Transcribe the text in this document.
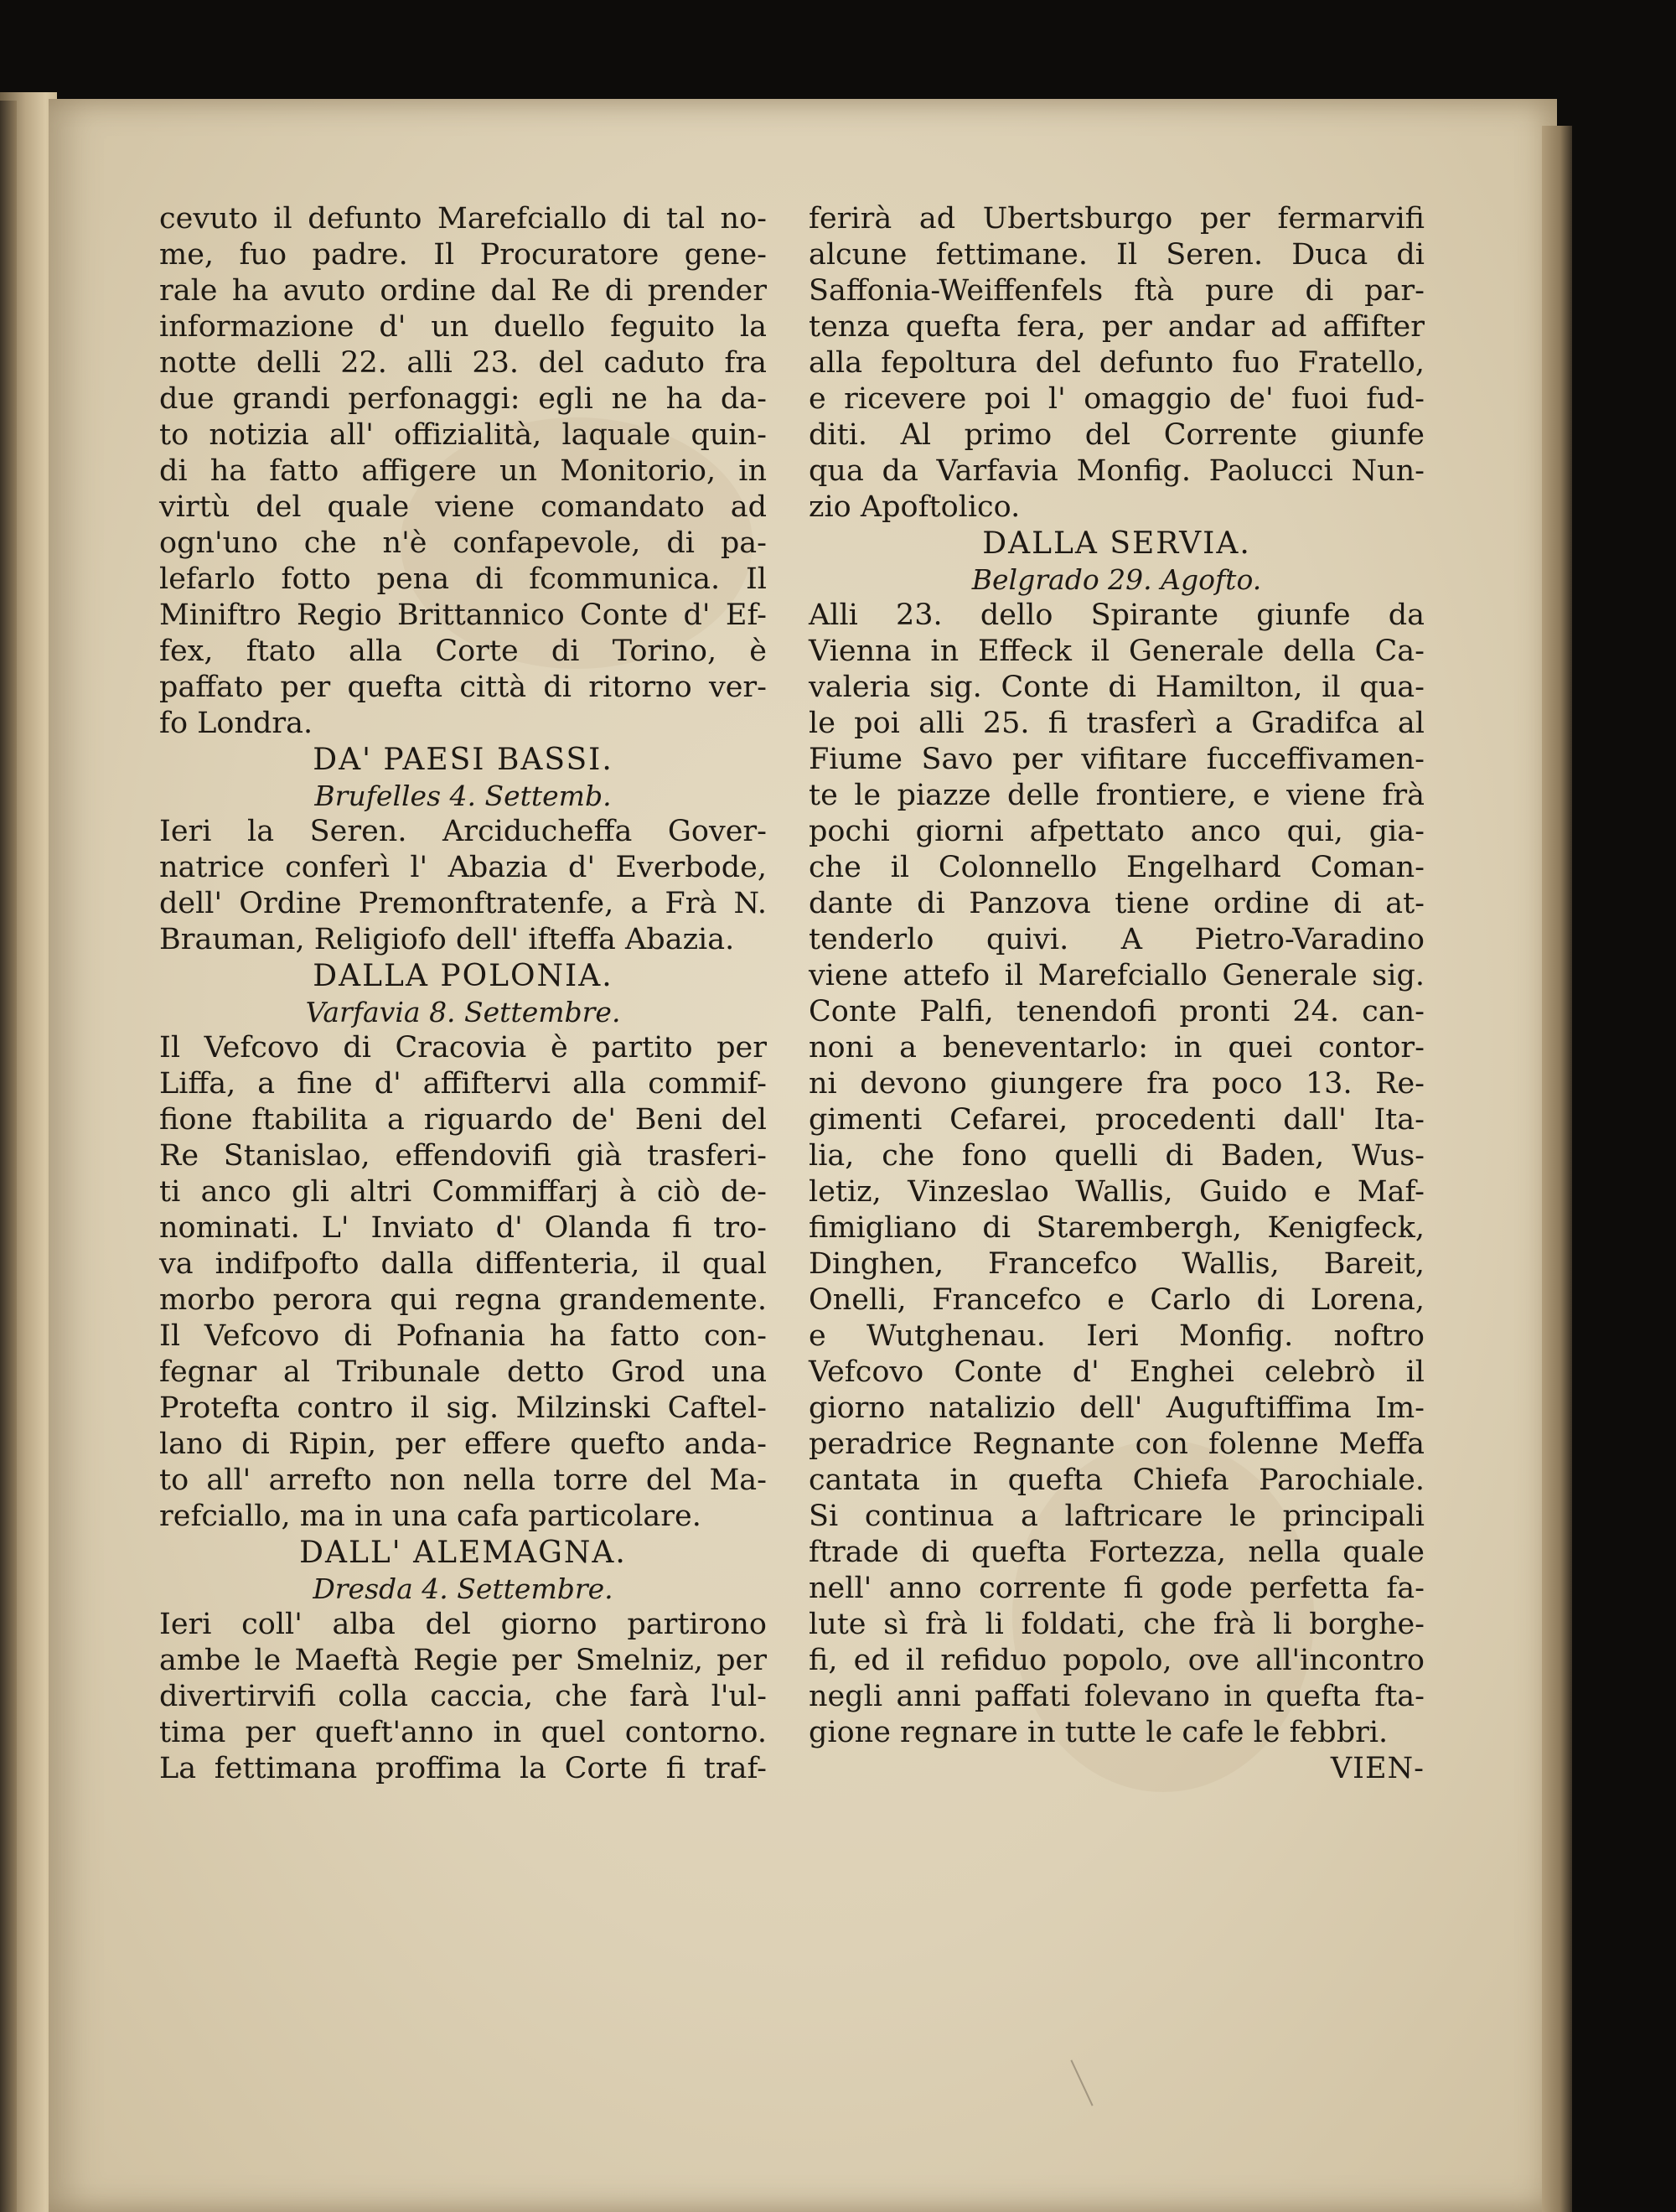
cevuto il defunto Marefciallo di tal no-
me, fuo padre. Il Procuratore gene-
rale ha avuto ordine dal Re di prender
informazione d' un duello feguito la
notte delli 22. alli 23. del caduto fra
due grandi perfonaggi: egli ne ha da-
to notizia all' offizialità, laquale quin-
di ha fatto affigere un Monitorio, in
virtù del quale viene comandato ad
ogn'uno che n'è confapevole, di pa-
lefarlo fotto pena di fcommunica. Il
Miniftro Regio Brittannico Conte d' Ef-
fex, ftato alla Corte di Torino, è
paffato per quefta città di ritorno ver-
fo Londra.
DA' PAESI BASSI.
Brufelles 4. Settemb.
Ieri la Seren. Arciducheffa Gover-
natrice conferì l' Abazia d' Everbode,
dell' Ordine Premonftratenfe, a Frà N.
Brauman, Religiofo dell' ifteffa Abazia.
DALLA POLONIA.
Varfavia 8. Settembre.
Il Vefcovo di Cracovia è partito per
Liffa, a fine d' affiftervi alla commif-
fione ftabilita a riguardo de' Beni del
Re Stanislao, effendovifi già trasferi-
ti anco gli altri Commiffarj à ciò de-
nominati. L' Inviato d' Olanda fi tro-
va indifpofto dalla diffenteria, il qual
morbo perora qui regna grandemente.
Il Vefcovo di Pofnania ha fatto con-
fegnar al Tribunale detto Grod una
Protefta contro il sig. Milzinski Caftel-
lano di Ripin, per effere quefto anda-
to all' arrefto non nella torre del Ma-
refciallo, ma in una cafa particolare.
DALL' ALEMAGNA.
Dresda 4. Settembre.
Ieri coll' alba del giorno partirono
ambe le Maeftà Regie per Smelniz, per
divertirvifi colla caccia, che farà l'ul-
tima per queft'anno in quel contorno.
La fettimana proffima la Corte fi traf-
ferirà ad Ubertsburgo per fermarvifi
alcune fettimane. Il Seren. Duca di
Saffonia-Weiffenfels ftà pure di par-
tenza quefta fera, per andar ad affifter
alla fepoltura del defunto fuo Fratello,
e ricevere poi l' omaggio de' fuoi fud-
diti. Al primo del Corrente giunfe
qua da Varfavia Monfig. Paolucci Nun-
zio Apoftolico.
DALLA SERVIA.
Belgrado 29. Agofto.
Alli 23. dello Spirante giunfe da
Vienna in Effeck il Generale della Ca-
valeria sig. Conte di Hamilton, il qua-
le poi alli 25. fi trasferì a Gradifca al
Fiume Savo per vifitare fucceffivamen-
te le piazze delle frontiere, e viene frà
pochi giorni afpettato anco qui, gia-
che il Colonnello Engelhard Coman-
dante di Panzova tiene ordine di at-
tenderlo quivi. A Pietro-Varadino
viene attefo il Marefciallo Generale sig.
Conte Palfi, tenendofi pronti 24. can-
noni a beneventarlo: in quei contor-
ni devono giungere fra poco 13. Re-
gimenti Cefarei, procedenti dall' Ita-
lia, che fono quelli di Baden, Wus-
letiz, Vinzeslao Wallis, Guido e Maf-
fimigliano di Starembergh, Kenigfeck,
Dinghen, Francefco Wallis, Bareit,
Onelli, Francefco e Carlo di Lorena,
e Wutghenau. Ieri Monfig. noftro
Vefcovo Conte d' Enghei celebrò il
giorno natalizio dell' Auguftiffima Im-
peradrice Regnante con folenne Meffa
cantata in quefta Chiefa Parochiale.
Si continua a laftricare le principali
ftrade di quefta Fortezza, nella quale
nell' anno corrente fi gode perfetta fa-
lute sì frà li foldati, che frà li borghe-
fi, ed il refiduo popolo, ove all'incontro
negli anni paffati folevano in quefta fta-
gione regnare in tutte le cafe le febbri.
VIEN-
